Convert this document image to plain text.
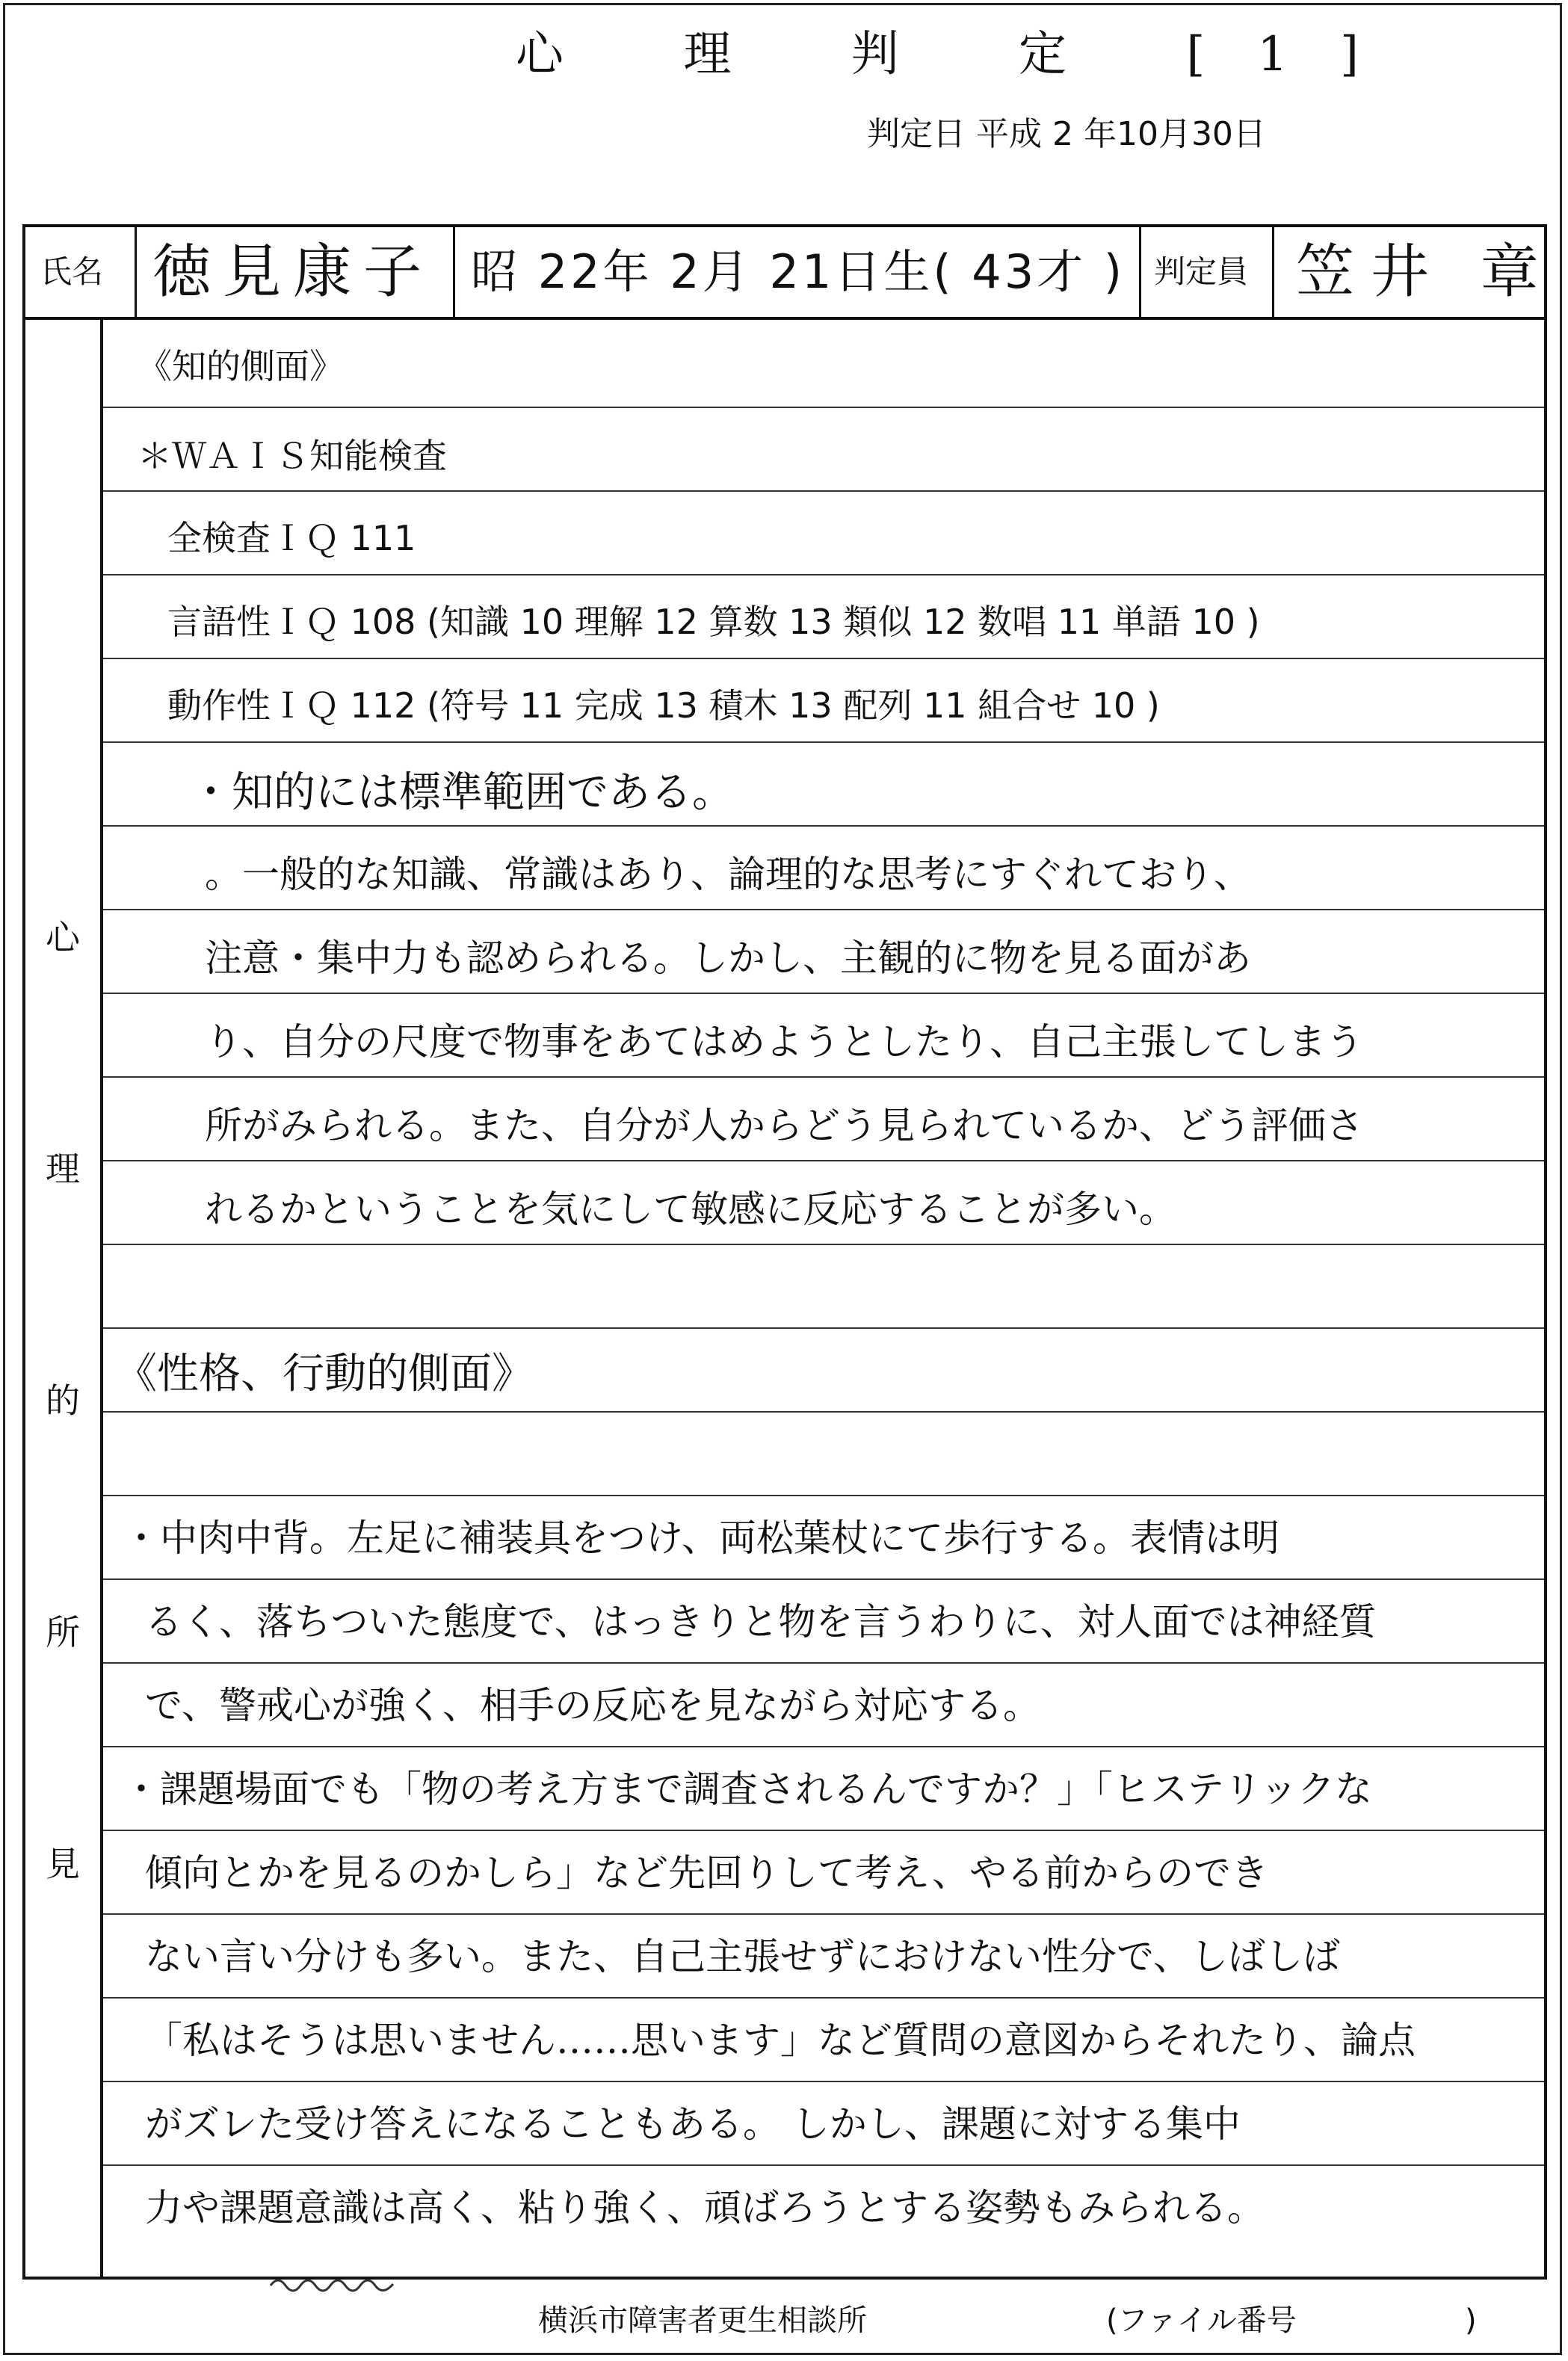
心 理 判 定 [1]
判定日 平成 2 年10月30日
氏名 徳見康子 昭 22年 2月 21日生( 43才 ) 判定員 笠井 章
心
理
的
所
見
《知的側面》
＊ＷＡＩＳ知能検査
全検査ＩＱ 111
言語性ＩＱ 108 (知識 10 理解 12 算数 13 類似 12 数唱 11 単語 10 )
動作性ＩＱ 112 (符号 11 完成 13 積木 13 配列 11 組合せ 10 )
・知的には標準範囲である。
。一般的な知識、常識はあり、論理的な思考にすぐれており、
注意・集中力も認められる。しかし、主観的に物を見る面があ
り、自分の尺度で物事をあてはめようとしたり、自己主張してしまう
所がみられる。また、自分が人からどう見られているか、どう評価さ
れるかということを気にして敏感に反応することが多い。
《性格、行動的側面》
・中肉中背。左足に補装具をつけ、両松葉杖にて歩行する。表情は明
るく、落ちついた態度で、はっきりと物を言うわりに、対人面では神経質
で、警戒心が強く、相手の反応を見ながら対応する。
・課題場面でも「物の考え方まで調査されるんですか？」「ヒステリックな
傾向とかを見るのかしら」など先回りして考え、やる前からのでき
ない言い分けも多い。また、自己主張せずにおけない性分で、しばしば
「私はそうは思いません……思います」など質問の意図からそれたり、論点
がズレた受け答えになることもある。 しかし、課題に対する集中
力や課題意識は高く、粘り強く、頑ばろうとする姿勢もみられる。
横浜市障害者更生相談所	(ファイル番号	)
